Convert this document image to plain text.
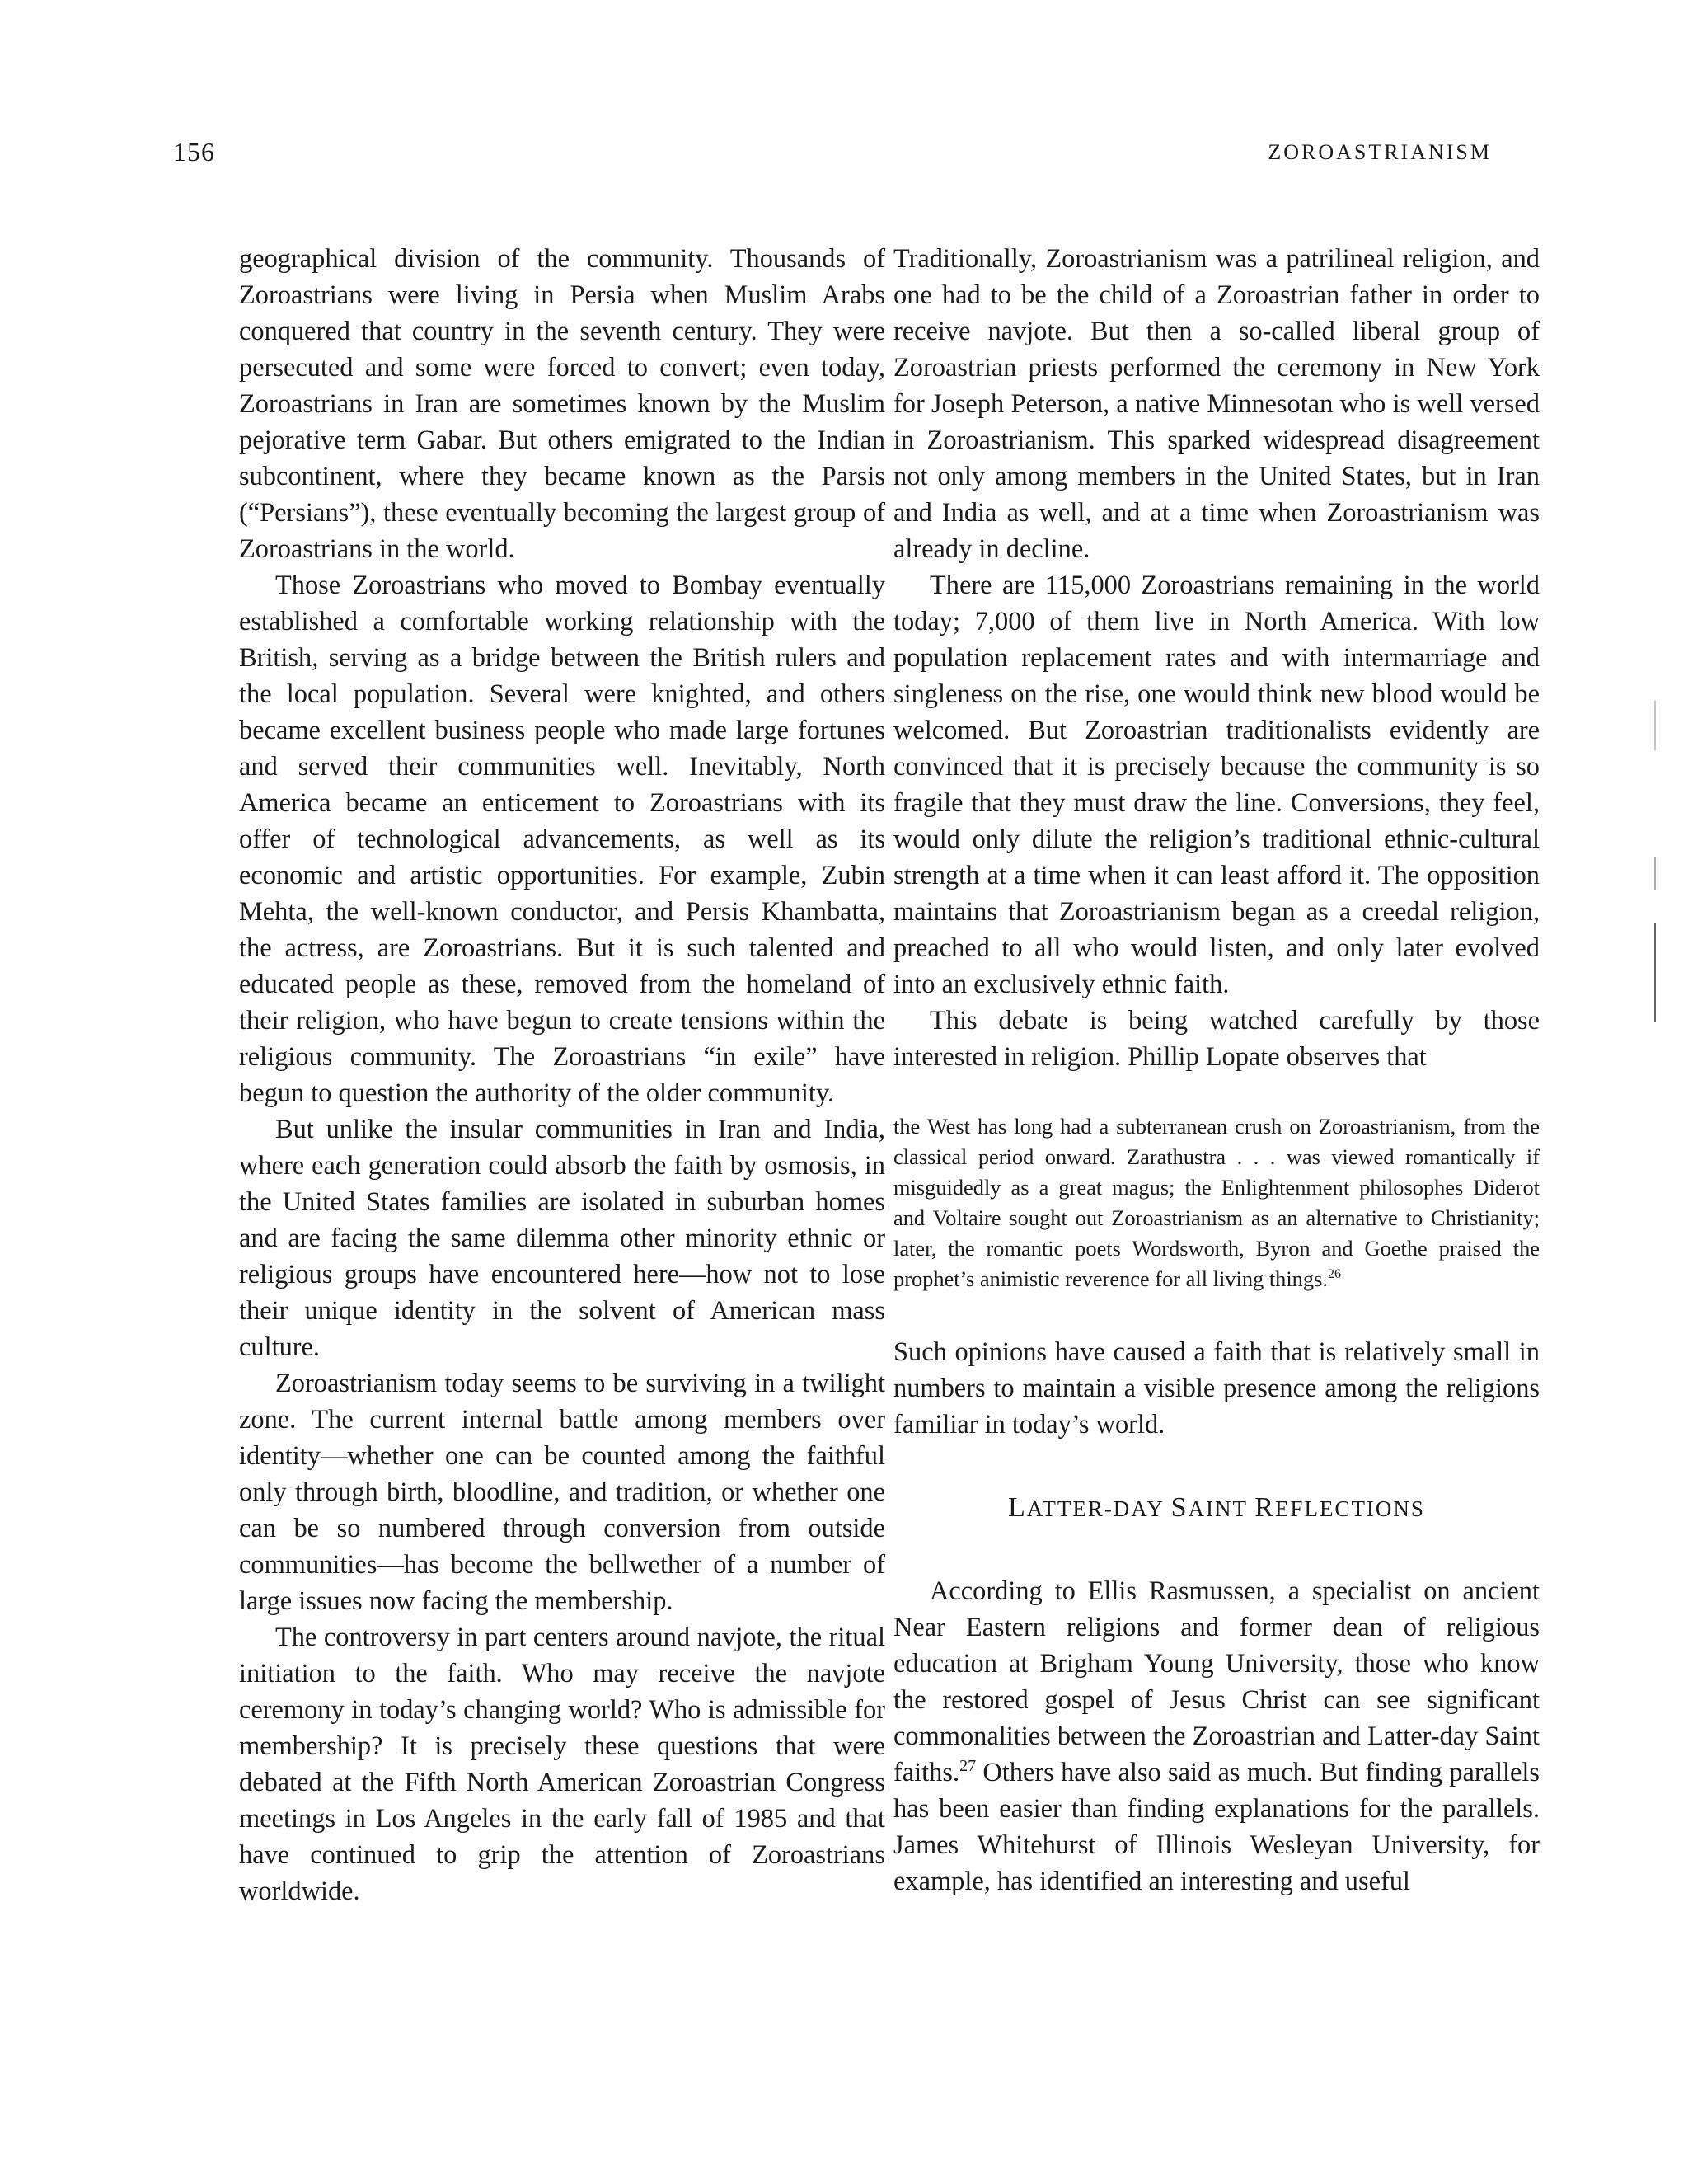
156	ZOROASTRIANISM

geographical division of the community. Thousands of Zoroastrians were living in Persia when Muslim Arabs conquered that country in the seventh century. They were persecuted and some were forced to convert; even today, Zoroastrians in Iran are sometimes known by the Muslim pejorative term Gabar. But others emigrated to the Indian subcontinent, where they became known as the Parsis (“Persians”), these eventually becoming the largest group of Zoroastrians in the world.

Those Zoroastrians who moved to Bombay eventually established a comfortable working relationship with the British, serving as a bridge between the British rulers and the local population. Several were knighted, and others became excellent business people who made large fortunes and served their communities well. Inevitably, North America became an enticement to Zoroastrians with its offer of technological advancements, as well as its economic and artistic opportunities. For example, Zubin Mehta, the well-known conductor, and Persis Khambatta, the actress, are Zoroastrians. But it is such talented and educated people as these, removed from the homeland of their religion, who have begun to create tensions within the religious community. The Zoroastrians “in exile” have begun to question the authority of the older community.

But unlike the insular communities in Iran and India, where each generation could absorb the faith by osmosis, in the United States families are isolated in suburban homes and are facing the same dilemma other minority ethnic or religious groups have encountered here—how not to lose their unique identity in the solvent of American mass culture.

Zoroastrianism today seems to be surviving in a twilight zone. The current internal battle among members over identity—whether one can be counted among the faithful only through birth, bloodline, and tradition, or whether one can be so numbered through conversion from outside communities—has become the bellwether of a number of large issues now facing the membership.

The controversy in part centers around navjote, the ritual initiation to the faith. Who may receive the navjote ceremony in today’s changing world? Who is admissible for membership? It is precisely these questions that were debated at the Fifth North American Zoroastrian Congress meetings in Los Angeles in the early fall of 1985 and that have continued to grip the attention of Zoroastrians worldwide.

Traditionally, Zoroastrianism was a patrilineal religion, and one had to be the child of a Zoroastrian father in order to receive navjote. But then a so-called liberal group of Zoroastrian priests performed the ceremony in New York for Joseph Peterson, a native Minnesotan who is well versed in Zoroastrianism. This sparked widespread disagreement not only among members in the United States, but in Iran and India as well, and at a time when Zoroastrianism was already in decline.

There are 115,000 Zoroastrians remaining in the world today; 7,000 of them live in North America. With low population replacement rates and with intermarriage and singleness on the rise, one would think new blood would be welcomed. But Zoroastrian traditionalists evidently are convinced that it is precisely because the community is so fragile that they must draw the line. Conversions, they feel, would only dilute the religion’s traditional ethnic-cultural strength at a time when it can least afford it. The opposition maintains that Zoroastrianism began as a creedal religion, preached to all who would listen, and only later evolved into an exclusively ethnic faith.

This debate is being watched carefully by those interested in religion. Phillip Lopate observes that

the West has long had a subterranean crush on Zoroastrianism, from the classical period onward. Zarathustra . . . was viewed romantically if misguidedly as a great magus; the Enlightenment philosophes Diderot and Voltaire sought out Zoroastrianism as an alternative to Christianity; later, the romantic poets Wordsworth, Byron and Goethe praised the prophet’s animistic reverence for all living things.$^{26}$

Such opinions have caused a faith that is relatively small in numbers to maintain a visible presence among the religions familiar in today’s world.

LATTER-DAY SAINT REFLECTIONS

According to Ellis Rasmussen, a specialist on ancient Near Eastern religions and former dean of religious education at Brigham Young University, those who know the restored gospel of Jesus Christ can see significant commonalities between the Zoroastrian and Latter-day Saint faiths.$^{27}$ Others have also said as much. But finding parallels has been easier than finding explanations for the parallels. James Whitehurst of Illinois Wesleyan University, for example, has identified an interesting and useful
